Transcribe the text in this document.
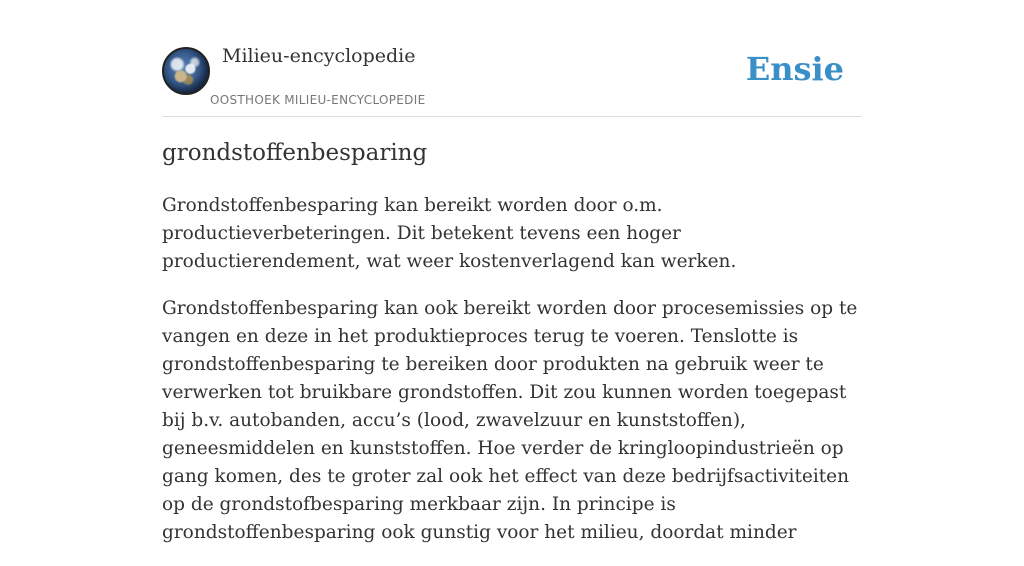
Milieu-encyclopedie
OOSTHOEK MILIEU-ENCYCLOPEDIE
Ensie
grondstoffenbesparing

Grondstoffenbesparing kan bereikt worden door o.m. productieverbeteringen. Dit betekent tevens een hoger productierendement, wat weer kostenverlagend kan werken.

Grondstoffenbesparing kan ook bereikt worden door procesemissies op te vangen en deze in het produktieproces terug te voeren. Tenslotte is grondstoffenbesparing te bereiken door produkten na gebruik weer te verwerken tot bruikbare grondstoffen. Dit zou kunnen worden toegepast bij b.v. autobanden, accu’s (lood, zwavelzuur en kunststoffen), geneesmiddelen en kunststoffen. Hoe verder de kringloopindustrieën op gang komen, des te groter zal ook het effect van deze bedrijfsactiviteiten op de grondstofbesparing merkbaar zijn. In principe is grondstoffenbesparing ook gunstig voor het milieu, doordat minder
